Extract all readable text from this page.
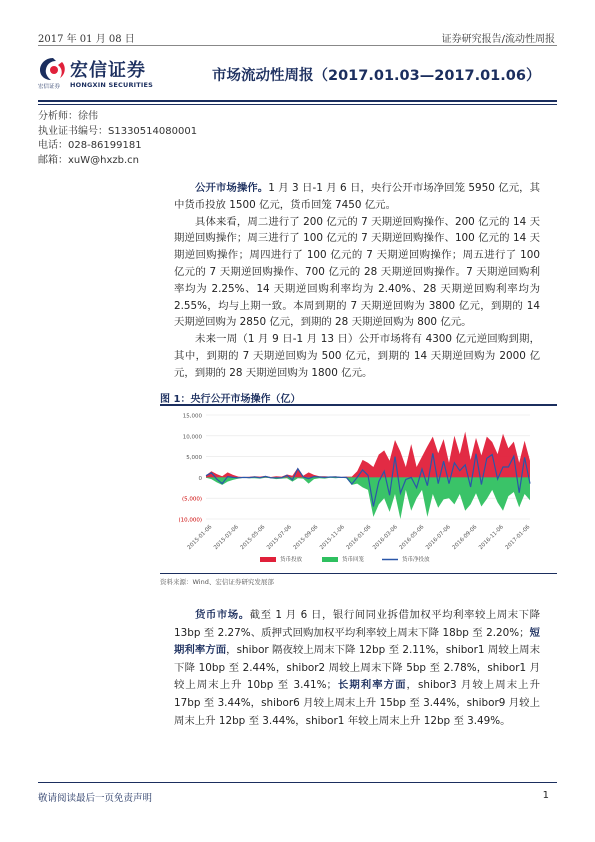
2017 年 01 月 08 日	证券研究报告/流动性周报
宏信证券
宏信证券 HONGXIN SECURITIES
市场流动性周报（2017.01.03—2017.01.06）
分析师：徐伟
执业证书编号：S1330514080001
电话：028-86199181
邮箱：xuW@hxzb.cn

公开市场操作。1 月 3 日-1 月 6 日，央行公开市场净回笼 5950 亿元，其中货币投放 1500 亿元，货币回笼 7450 亿元。

具体来看，周二进行了 200 亿元的 7 天期逆回购操作、200 亿元的 14 天期逆回购操作；周三进行了 100 亿元的 7 天期逆回购操作、100 亿元的 14 天期逆回购操作；周四进行了 100 亿元的 7 天期逆回购操作；周五进行了 100 亿元的 7 天期逆回购操作、700 亿元的 28 天期逆回购操作。7 天期逆回购利率均为 2.25%、14 天期逆回购利率均为 2.40%、28 天期逆回购利率均为 2.55%，均与上期一致。本周到期的 7 天期逆回购为 3800 亿元，到期的 14 天期逆回购为 2850 亿元，到期的 28 天期逆回购为 800 亿元。

未来一周（1 月 9 日-1 月 13 日）公开市场将有 4300 亿元逆回购到期，其中，到期的 7 天期逆回购为 500 亿元，到期的 14 天期逆回购为 2000 亿元，到期的 28 天期逆回购为 1800 亿元。

图 1：央行公开市场操作（亿）
15,000
10,000
5,000
0
(5,000)
(10,000)
2015-01-06 2015-03-06 2015-05-06 2015-07-06 2015-09-06 2015-11-06 2016-01-06 2016-03-06 2016-05-06 2016-07-06 2016-09-06 2016-11-06 2017-01-06
货币投放	货币回笼	货币净投放
资料来源：Wind、宏信证券研究发展部

货币市场。截至 1 月 6 日，银行间同业拆借加权平均利率较上周末下降 13bp 至 2.27%、质押式回购加权平均利率较上周末下降 18bp 至 2.20%；短期利率方面，shibor 隔夜较上周末下降 12bp 至 2.11%，shibor1 周较上周末下降 10bp 至 2.44%，shibor2 周较上周末下降 5bp 至 2.78%，shibor1 月较上周末上升 10bp 至 3.41%；长期利率方面，shibor3 月较上周末上升 17bp 至 3.44%，shibor6 月较上周末上升 15bp 至 3.44%，shibor9 月较上周末上升 12bp 至 3.44%，shibor1 年较上周末上升 12bp 至 3.49%。

敬请阅读最后一页免责声明	1
